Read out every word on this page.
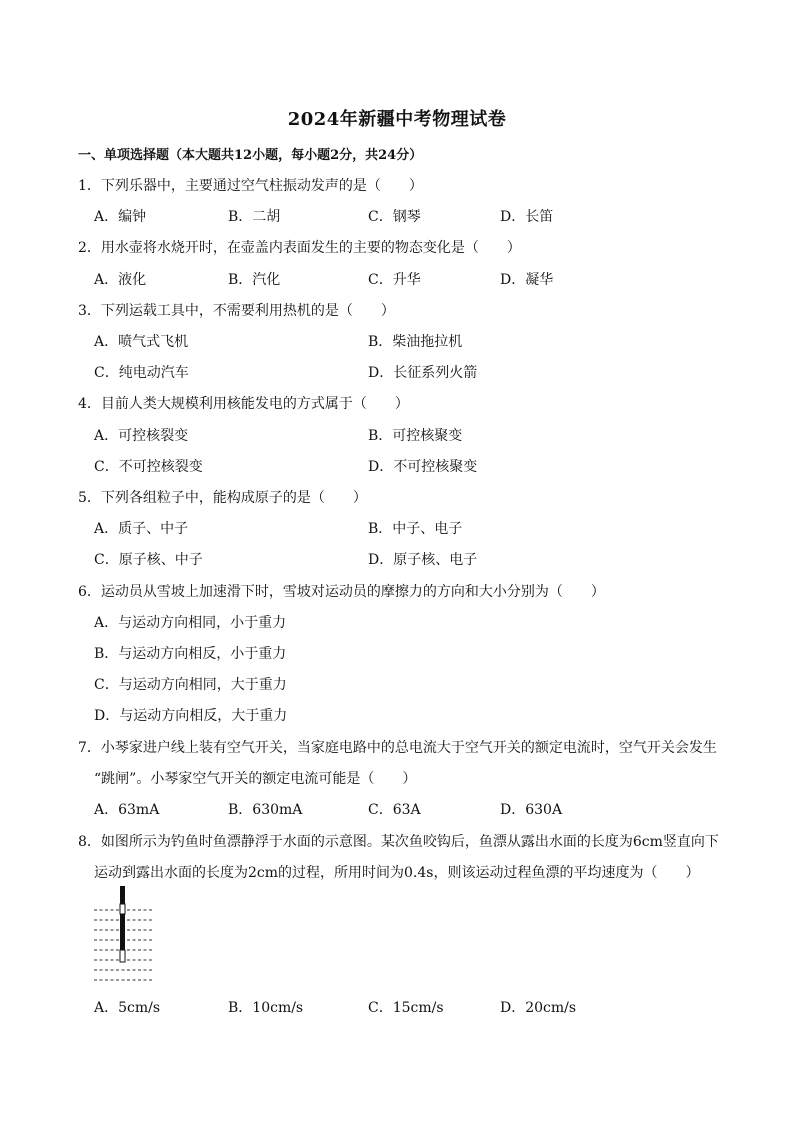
2024年新疆中考物理试卷
一、单项选择题（本大题共12小题，每小题2分，共24分）
1．下列乐器中，主要通过空气柱振动发声的是（　　）
A．编钟	B．二胡	C．钢琴	D．长笛
2．用水壶将水烧开时，在壶盖内表面发生的主要的物态变化是（　　）
A．液化	B．汽化	C．升华	D．凝华
3．下列运载工具中，不需要利用热机的是（　　）
A．喷气式飞机	B．柴油拖拉机
C．纯电动汽车	D．长征系列火箭
4．目前人类大规模利用核能发电的方式属于（　　）
A．可控核裂变	B．可控核聚变
C．不可控核裂变	D．不可控核聚变
5．下列各组粒子中，能构成原子的是（　　）
A．质子、中子	B．中子、电子
C．原子核、中子	D．原子核、电子
6．运动员从雪坡上加速滑下时，雪坡对运动员的摩擦力的方向和大小分别为（　　）
A．与运动方向相同，小于重力
B．与运动方向相反，小于重力
C．与运动方向相同，大于重力
D．与运动方向相反，大于重力
7．小琴家进户线上装有空气开关，当家庭电路中的总电流大于空气开关的额定电流时，空气开关会发生
“跳闸”。小琴家空气开关的额定电流可能是（　　）
A．63mA	B．630mA	C．63A	D．630A
8．如图所示为钓鱼时鱼漂静浮于水面的示意图。某次鱼咬钩后，鱼漂从露出水面的长度为6cm竖直向下
运动到露出水面的长度为2cm的过程，所用时间为0.4s，则该运动过程鱼漂的平均速度为（　　）
A．5cm/s	B．10cm/s	C．15cm/s	D．20cm/s
